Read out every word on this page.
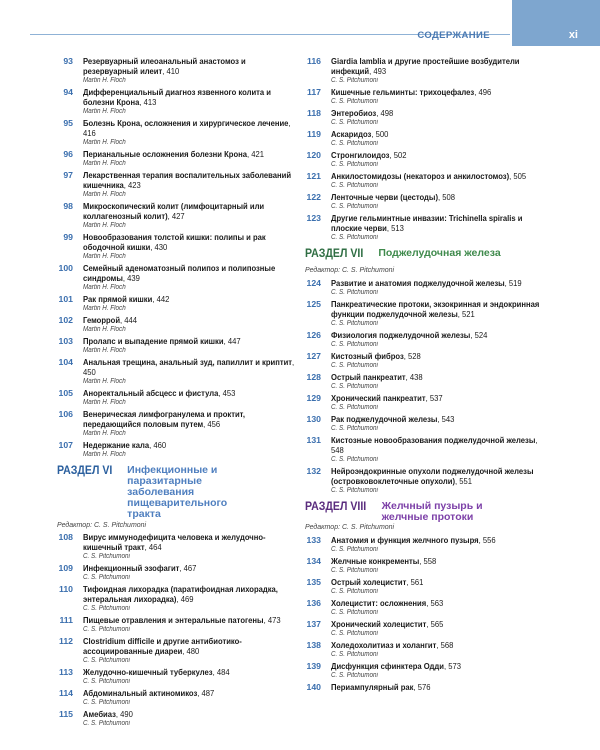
СОДЕРЖАНИЕ	xi
93 Резервуарный илеоанальный анастомоз и резервуарный илеит, 410
Martin H. Floch
94 Дифференциальный диагноз язвенного колита и болезни Крона, 413
Martin H. Floch
95 Болезнь Крона, осложнения и хирургическое лечение, 416
Martin H. Floch
96 Перианальные осложнения болезни Крона, 421
Martin H. Floch
97 Лекарственная терапия воспалительных заболеваний кишечника, 423
Martin H. Floch
98 Микроскопический колит (лимфоцитарный или коллагенозный колит), 427
Martin H. Floch
99 Новообразования толстой кишки: полипы и рак ободочной кишки, 430
Martin H. Floch
100 Семейный аденоматозный полипоз и полипозные синдромы, 439
Martin H. Floch
101 Рак прямой кишки, 442
Martin H. Floch
102 Геморрой, 444
Martin H. Floch
103 Пролапс и выпадение прямой кишки, 447
Martin H. Floch
104 Анальная трещина, анальный зуд, папиллит и криптит, 450
Martin H. Floch
105 Аноректальный абсцесс и фистула, 453
Martin H. Floch
106 Венерическая лимфогранулема и проктит, передающийся половым путем, 456
Martin H. Floch
107 Недержание кала, 460
Martin H. Floch
РАЗДЕЛ VI Инфекционные и паразитарные заболевания пищеварительного тракта
Редактор: C. S. Pitchumoni
108 Вирус иммунодефицита человека и желудочно-кишечный тракт, 464
C. S. Pitchumoni
109 Инфекционный эзофагит, 467
C. S. Pitchumoni
110 Тифоидная лихорадка (паратифоидная лихорадка, энтеральная лихорадка), 469
C. S. Pitchumoni
111 Пищевые отравления и энтеральные патогены, 473
C. S. Pitchumoni
112 Clostridium difficile и другие антибиотико-ассоциированные диареи, 480
C. S. Pitchumoni
113 Желудочно-кишечный туберкулез, 484
C. S. Pitchumoni
114 Абдоминальный актиномикоз, 487
C. S. Pitchumoni
115 Амебиаз, 490
C. S. Pitchumoni
116 Giardia lamblia и другие простейшие возбудители инфекций, 493
C. S. Pitchumoni
117 Кишечные гельминты: трихоцефалез, 496
C. S. Pitchumoni
118 Энтеробиоз, 498
C. S. Pitchumoni
119 Аскаридоз, 500
C. S. Pitchumoni
120 Стронгилоидоз, 502
C. S. Pitchumoni
121 Анкилостомидозы (некатороз и анкилостомоз), 505
C. S. Pitchumoni
122 Ленточные черви (цестоды), 508
C. S. Pitchumoni
123 Другие гельминтные инвазии: Trichinella spiralis и плоские черви, 513
C. S. Pitchumoni
РАЗДЕЛ VII Поджелудочная железа
Редактор: C. S. Pitchumoni
124 Развитие и анатомия поджелудочной железы, 519
C. S. Pitchumoni
125 Панкреатические протоки, экзокринная и эндокринная функции поджелудочной железы, 521
C. S. Pitchumoni
126 Физиология поджелудочной железы, 524
C. S. Pitchumoni
127 Кистозный фиброз, 528
C. S. Pitchumoni
128 Острый панкреатит, 438
C. S. Pitchumoni
129 Хронический панкреатит, 537
C. S. Pitchumoni
130 Рак поджелудочной железы, 543
C. S. Pitchumoni
131 Кистозные новообразования поджелудочной железы, 548
C. S. Pitchumoni
132 Нейроэндокринные опухоли поджелудочной железы (островковоклеточные опухоли), 551
C. S. Pitchumoni
РАЗДЕЛ VIII Желчный пузырь и желчные протоки
Редактор: C. S. Pitchumoni
133 Анатомия и функция желчного пузыря, 556
C. S. Pitchumoni
134 Желчные конкременты, 558
C. S. Pitchumoni
135 Острый холецистит, 561
C. S. Pitchumoni
136 Холецистит: осложнения, 563
C. S. Pitchumoni
137 Хронический холецистит, 565
C. S. Pitchumoni
138 Холедохолитиаз и холангит, 568
C. S. Pitchumoni
139 Дисфункция сфинктера Одди, 573
C. S. Pitchumoni
140 Периампулярный рак, 576
